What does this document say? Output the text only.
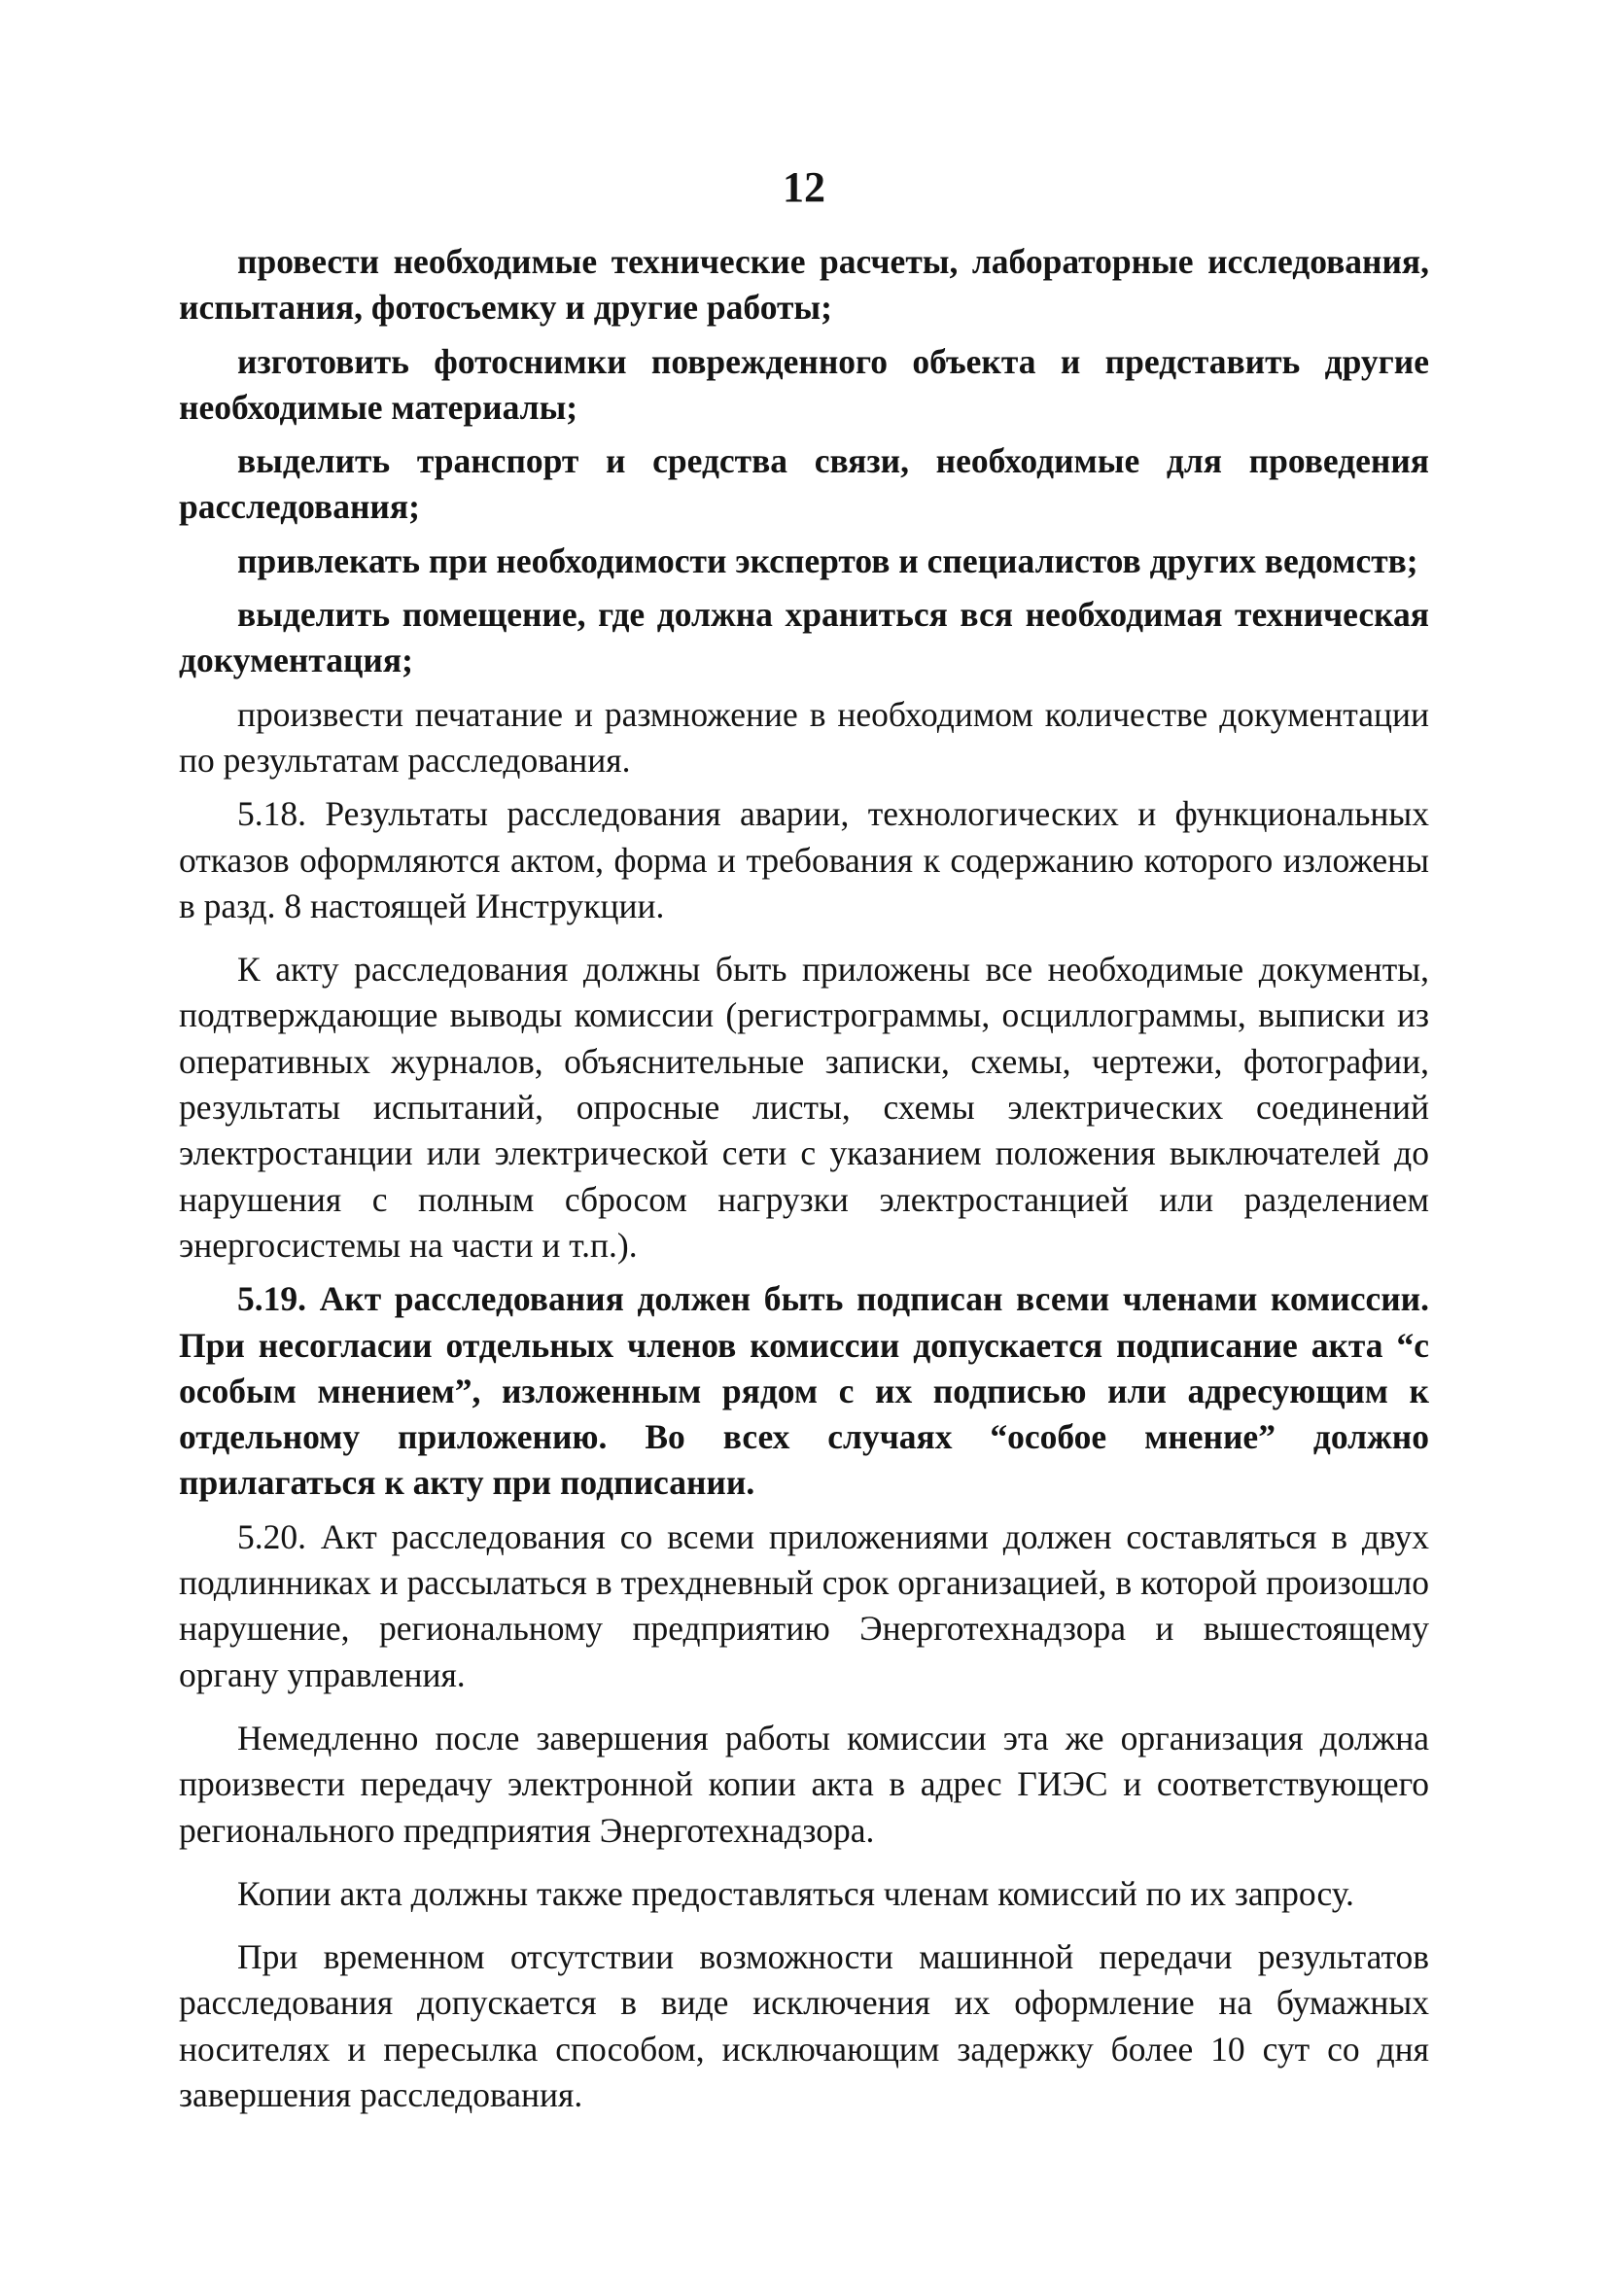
12

провести необходимые технические расчеты, лабораторные исследования, испытания, фотосъемку и другие работы;

изготовить фотоснимки поврежденного объекта и представить другие необходимые материалы;

выделить транспорт и средства связи, необходимые для проведения расследования;

привлекать при необходимости экспертов и специалистов других ведомств;

выделить помещение, где должна храниться вся необходимая техническая документация;

произвести печатание и размножение в необходимом количестве документации по результатам расследования.

5.18. Результаты расследования аварии, технологических и функциональных отказов оформляются актом, форма и требования к содержанию которого изложены в разд. 8 настоящей Инструкции.

К акту расследования должны быть приложены все необходимые документы, подтверждающие выводы комиссии (регистрограммы, осциллограммы, выписки из оперативных журналов, объяснительные записки, схемы, чертежи, фотографии, результаты испытаний, опросные листы, схемы электрических соединений электростанции или электрической сети с указанием положения выключателей до нарушения с полным сбросом нагрузки электростанцией или разделением энергосистемы на части и т.п.).

5.19. Акт расследования должен быть подписан всеми членами комиссии. При несогласии отдельных членов комиссии допускается подписание акта “с особым мнением”, изложенным рядом с их подписью или адресующим к отдельному приложению. Во всех случаях “особое мнение” должно прилагаться к акту при подписании.

5.20. Акт расследования со всеми приложениями должен составляться в двух подлинниках и рассылаться в трехдневный срок организацией, в которой произошло нарушение, региональному предприятию Энерготехнадзора и вышестоящему органу управления.

Немедленно после завершения работы комиссии эта же организация должна произвести передачу электронной копии акта в адрес ГИЭС и соответствующего регионального предприятия Энерготехнадзора.

Копии акта должны также предоставляться членам комиссий по их запросу.

При временном отсутствии возможности машинной передачи результатов расследования допускается в виде исключения их оформление на бумажных носителях и пересылка способом, исключающим задержку более 10 сут со дня завершения расследования.
